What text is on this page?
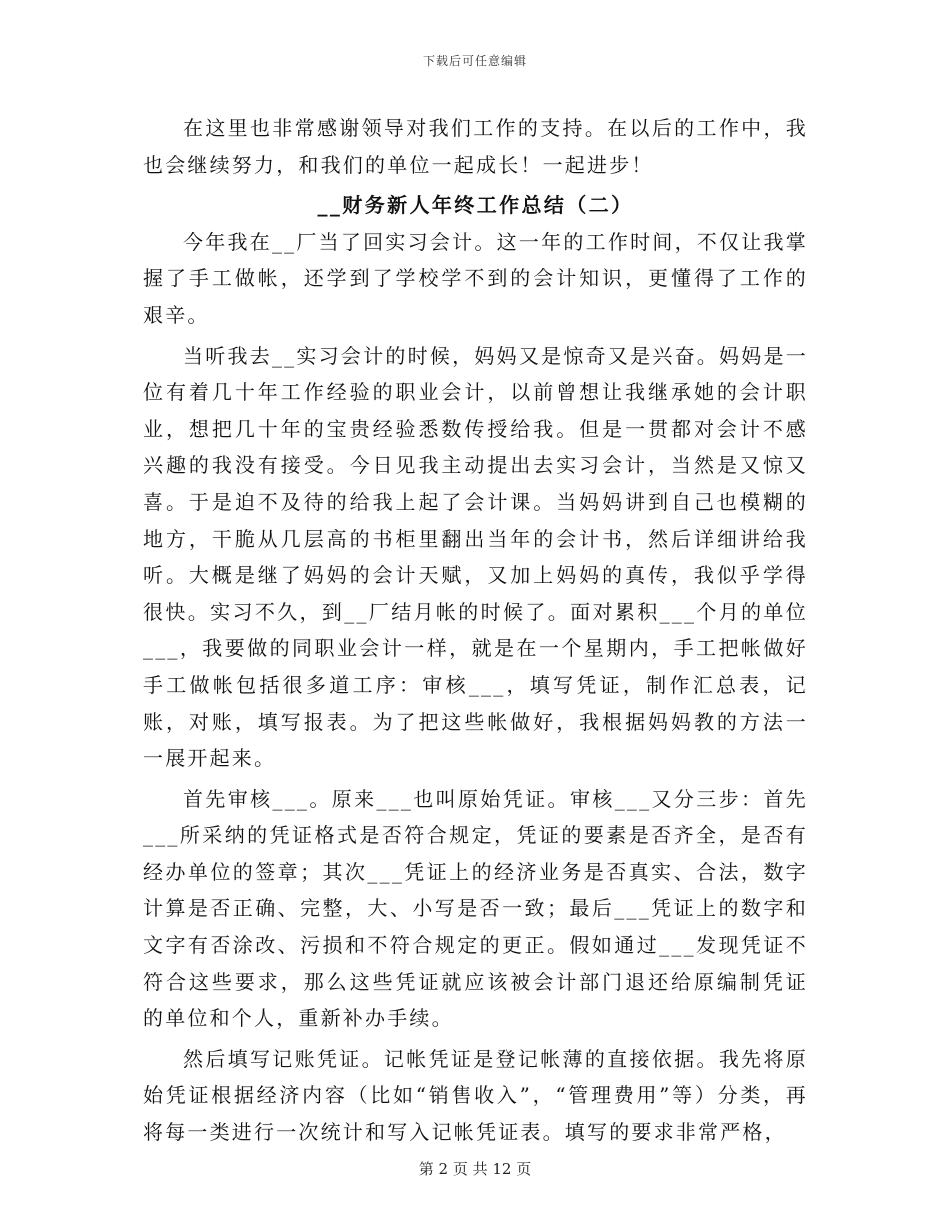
下载后可任意编辑

在这里也非常感谢领导对我们工作的支持。在以后的工作中，我也会继续努力，和我们的单位一起成长！一起进步！

__财务新人年终工作总结（二）

今年我在__厂当了回实习会计。这一年的工作时间，不仅让我掌握了手工做帐，还学到了学校学不到的会计知识，更懂得了工作的艰辛。

当听我去__实习会计的时候，妈妈又是惊奇又是兴奋。妈妈是一位有着几十年工作经验的职业会计，以前曾想让我继承她的会计职业，想把几十年的宝贵经验悉数传授给我。但是一贯都对会计不感兴趣的我没有接受。今日见我主动提出去实习会计，当然是又惊又喜。于是迫不及待的给我上起了会计课。当妈妈讲到自己也模糊的地方，干脆从几层高的书柜里翻出当年的会计书，然后详细讲给我听。大概是继了妈妈的会计天赋，又加上妈妈的真传，我似乎学得很快。实习不久，到__厂结月帐的时候了。面对累积___个月的单位___，我要做的同职业会计一样，就是在一个星期内，手工把帐做好手工做帐包括很多道工序：审核___，填写凭证，制作汇总表，记账，对账，填写报表。为了把这些帐做好，我根据妈妈教的方法一一展开起来。

首先审核___。原来___也叫原始凭证。审核___又分三步：首先___所采纳的凭证格式是否符合规定，凭证的要素是否齐全，是否有经办单位的签章；其次___凭证上的经济业务是否真实、合法，数字计算是否正确、完整，大、小写是否一致；最后___凭证上的数字和文字有否涂改、污损和不符合规定的更正。假如通过___发现凭证不符合这些要求，那么这些凭证就应该被会计部门退还给原编制凭证的单位和个人，重新补办手续。

然后填写记账凭证。记帐凭证是登记帐薄的直接依据。我先将原始凭证根据经济内容（比如“销售收入”，“管理费用”等）分类，再将每一类进行一次统计和写入记帐凭证表。填写的要求非常严格，

第 2 页 共 12 页
